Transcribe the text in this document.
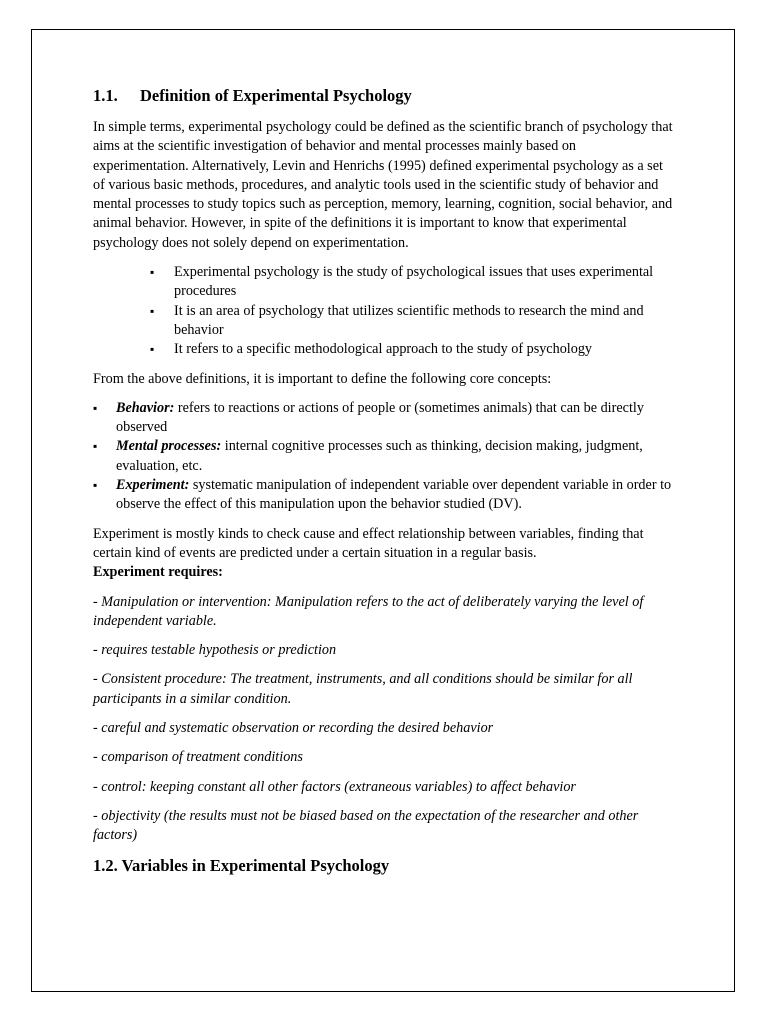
1.1. Definition of Experimental Psychology

In simple terms, experimental psychology could be defined as the scientific branch of psychology that aims at the scientific investigation of behavior and mental processes mainly based on experimentation. Alternatively, Levin and Henrichs (1995) defined experimental psychology as a set of various basic methods, procedures, and analytic tools used in the scientific study of behavior and mental processes to study topics such as perception, memory, learning, cognition, social behavior, and animal behavior. However, in spite of the definitions it is important to know that experimental psychology does not solely depend on experimentation.

▪ Experimental psychology is the study of psychological issues that uses experimental procedures
▪ It is an area of psychology that utilizes scientific methods to research the mind and behavior
▪ It refers to a specific methodological approach to the study of psychology

From the above definitions, it is important to define the following core concepts:

▪ Behavior: refers to reactions or actions of people or (sometimes animals) that can be directly observed
▪ Mental processes: internal cognitive processes such as thinking, decision making, judgment, evaluation, etc.
▪ Experiment: systematic manipulation of independent variable over dependent variable in order to observe the effect of this manipulation upon the behavior studied (DV).

Experiment is mostly kinds to check cause and effect relationship between variables, finding that certain kind of events are predicted under a certain situation in a regular basis.
Experiment requires:

- Manipulation or intervention: Manipulation refers to the act of deliberately varying the level of independent variable.

- requires testable hypothesis or prediction

- Consistent procedure: The treatment, instruments, and all conditions should be similar for all participants in a similar condition.

- careful and systematic observation or recording the desired behavior

- comparison of treatment conditions

- control: keeping constant all other factors (extraneous variables) to affect behavior

- objectivity (the results must not be biased based on the expectation of the researcher and other factors)

1.2. Variables in Experimental Psychology
